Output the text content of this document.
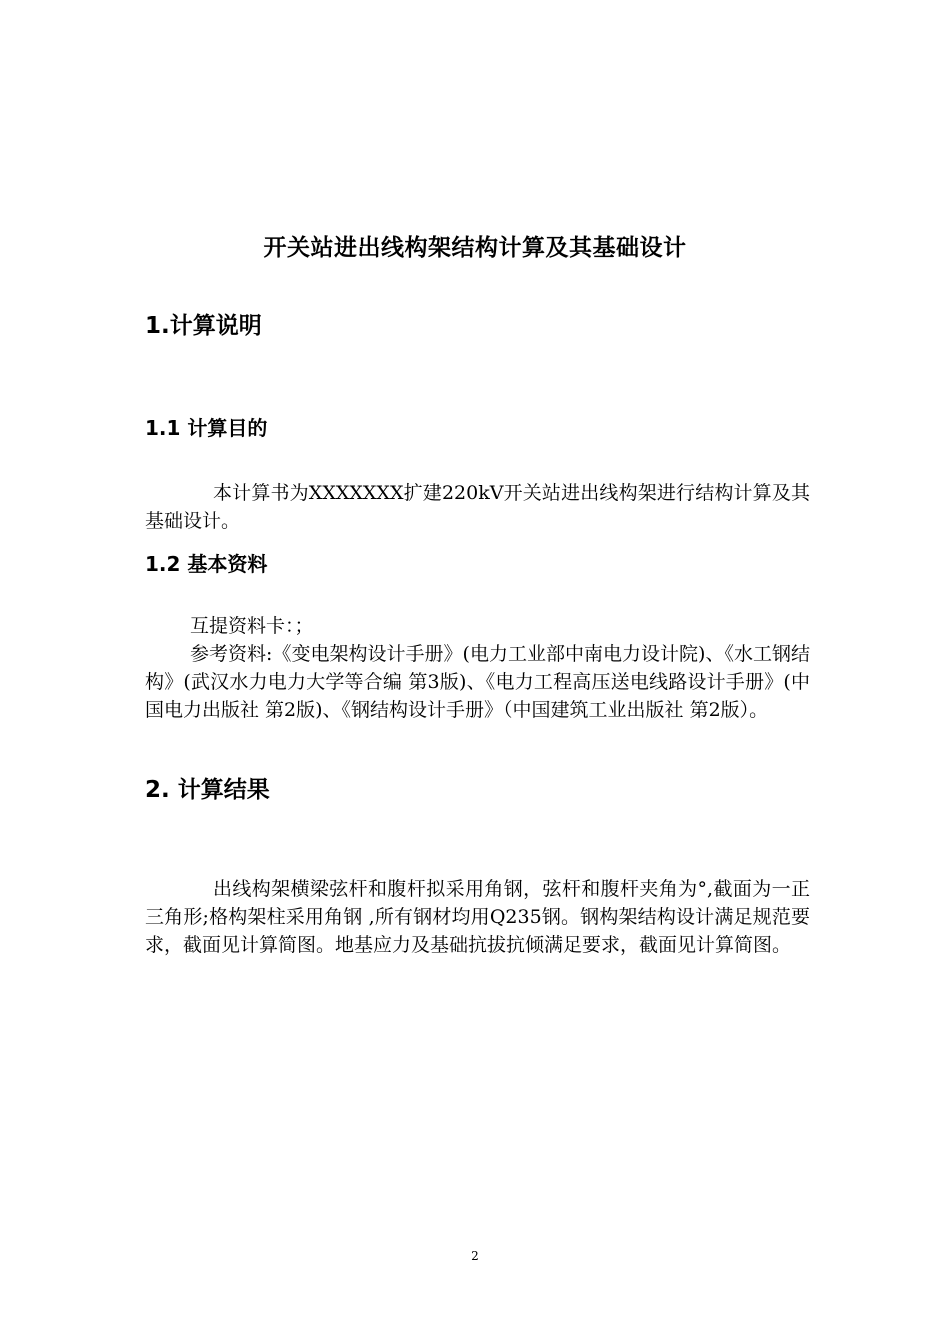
开关站进出线构架结构计算及其基础设计
1.计算说明
1.1 计算目的
本计算书为XXXXXXX扩建220kV开关站进出线构架进行结构计算及其基础设计。
1.2 基本资料
互提资料卡：；
参考资料:《变电架构设计手册》(电力工业部中南电力设计院)、《水工钢结构》(武汉水力电力大学等合编 第3版)、《电力工程高压送电线路设计手册》(中国电力出版社 第2版)、《钢结构设计手册》（中国建筑工业出版社 第2版）。
2. 计算结果
出线构架横梁弦杆和腹杆拟采用角钢，弦杆和腹杆夹角为°,截面为一正三角形;格构架柱采用角钢 ,所有钢材均用Q235钢。钢构架结构设计满足规范要求，截面见计算简图。地基应力及基础抗拔抗倾满足要求，截面见计算简图。
2
